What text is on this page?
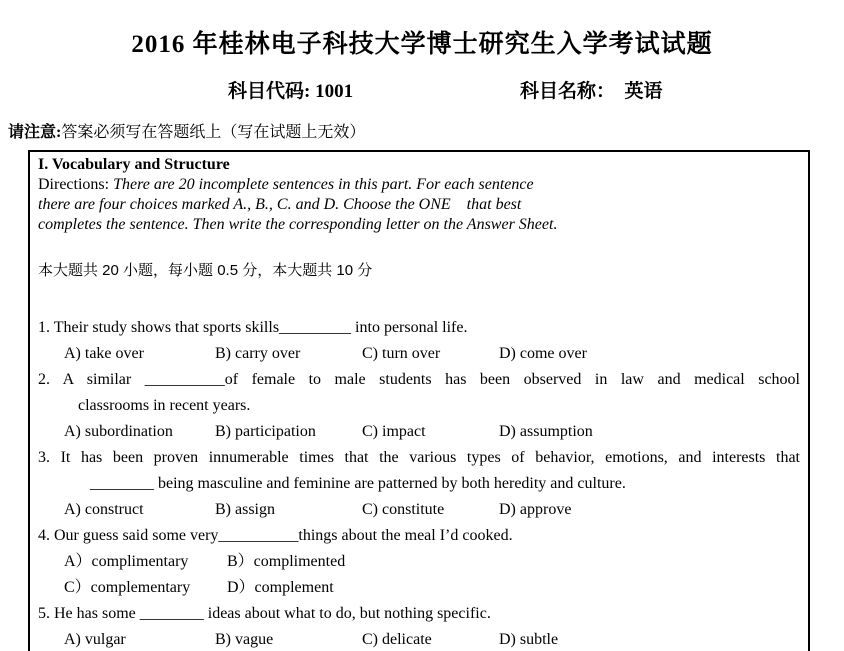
2016 年桂林电子科技大学博士研究生入学考试试题
科目代码: 1001	科目名称：  英语
请注意:答案必须写在答题纸上（写在试题上无效）
I. Vocabulary and Structure
Directions: There are 20 incomplete sentences in this part. For each sentence
there are four choices marked A., B., C. and D. Choose the ONE    that best
completes the sentence. Then write the corresponding letter on the Answer Sheet.
本大题共 20 小题，每小题 0.5 分，本大题共 10 分
1. Their study shows that sports skills_________ into personal life.
A) take over	B) carry over	C) turn over	D) come over
2. A similar __________of female to male students has been observed in law and medical school
classrooms in recent years.
A) subordination	B) participation	C) impact	D) assumption
3. It has been proven innumerable times that the various types of behavior, emotions, and interests that
________ being masculine and feminine are patterned by both heredity and culture.
A) construct	B) assign	C) constitute	D) approve
4. Our guess said some very__________things about the meal I’d cooked.
A）complimentary	B）complimented
C）complementary	D）complement
5. He has some ________ ideas about what to do, but nothing specific.
A) vulgar	B) vague	C) delicate	D) subtle
